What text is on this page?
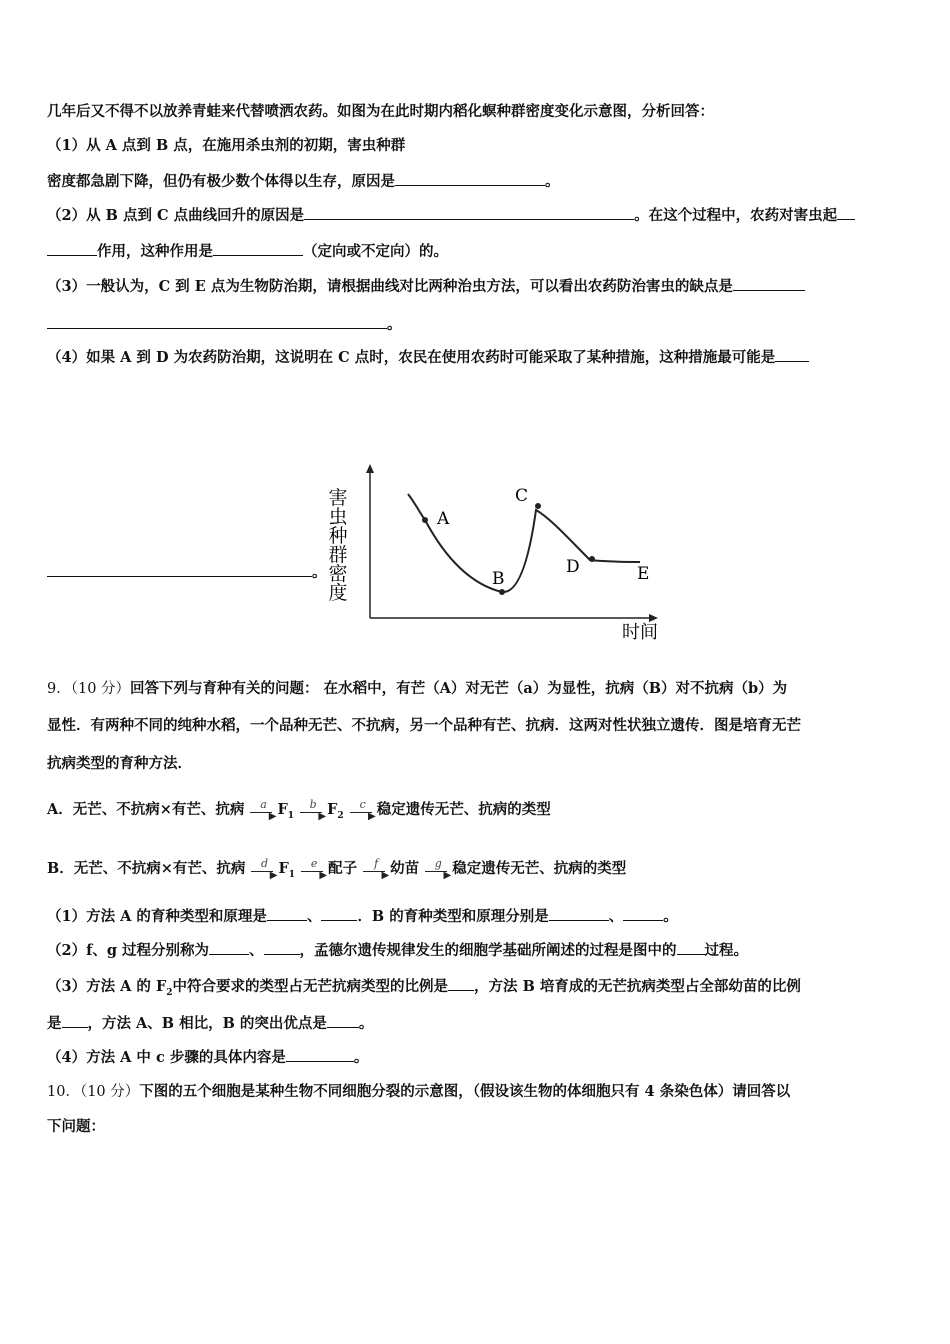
几年后又不得不以放养青蛙来代替喷洒农药。如图为在此时期内稻化螟种群密度变化示意图，分析回答：
（1）从 A 点到 B 点，在施用杀虫剂的初期，害虫种群
密度都急剧下降，但仍有极少数个体得以生存，原因是	。
（2）从 B 点到 C 点曲线回升的原因是	。在这个过程中，农药对害虫起
作用，这种作用是	（定向或不定向）的。
（3）一般认为，C 到 E 点为生物防治期，请根据曲线对比两种治虫方法，可以看出农药防治害虫的缺点是
。
（4）如果 A 到 D 为农药防治期，这说明在 C 点时，农民在使用农药时可能采取了某种措施，这种措施最可能是
。
害
虫
种
群
密
度
时间
A
B
C
D	E
9．（10 分）回答下列与育种有关的问题： 在水稻中，有芒（A）对无芒（a）为显性，抗病（B）对不抗病（b）为
显性．有两种不同的纯种水稻，一个品种无芒、不抗病，另一个品种有芒、抗病．这两对性状独立遗传．图是培育无芒
抗病类型的育种方法．
A．无芒、不抗病×有芒、抗病	a
▶ $F_1$
b
▶ $F_2$
c
▶ 稳定遗传无芒、抗病的类型
B．无芒、不抗病×有芒、抗病	d
▶ $F_1$
e
▶ 配子	f
▶ 幼苗	g
▶ 稳定遗传无芒、抗病的类型
（1）方法 A 的育种类型和原理是	、 ．B 的育种类型和原理分别是	、	。
（2）f、g 过程分别称为	、 ，孟德尔遗传规律发生的细胞学基础所阐述的过程是图中的 过程。
（3）方法 A 的 $F_2$中符合要求的类型占无芒抗病类型的比例是 ，方法 B 培育成的无芒抗病类型占全部幼苗的比例
是 ，方法 A、B 相比，B 的突出优点是 。
（4）方法 A 中 c 步骤的具体内容是	。
10．（10 分）下图的五个细胞是某种生物不同细胞分裂的示意图，（假设该生物的体细胞只有 4 条染色体）请回答以
下问题：
